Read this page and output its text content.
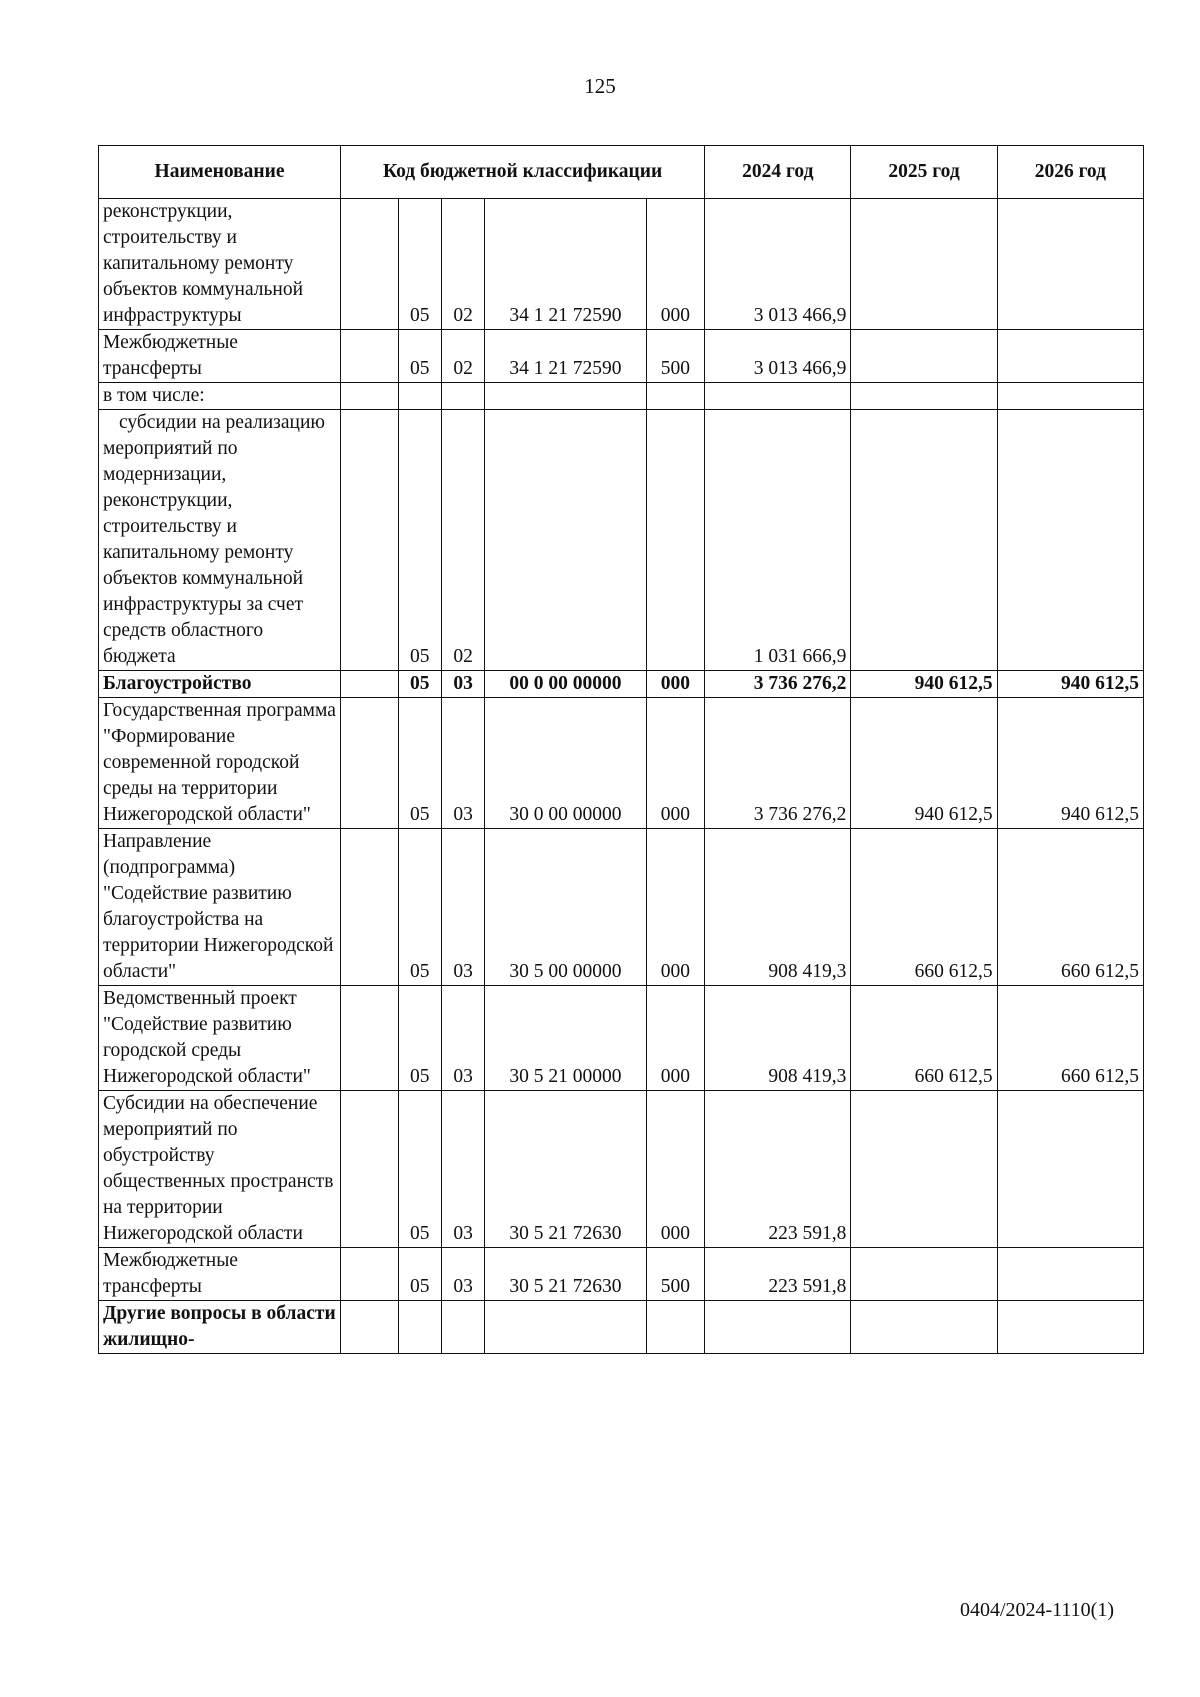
125
Наименование	Код бюджетной классификации					2024 год	2025 год	2026 год
реконструкции, строительству и капитальному ремонту объектов коммунальной инфраструктуры		05	02	34 1 21 72590	000	3 013 466,9		
Межбюджетные трансферты		05	02	34 1 21 72590	500	3 013 466,9		
в том числе:								
субсидии на реализацию мероприятий по модернизации, реконструкции, строительству и капитальному ремонту объектов коммунальной инфраструктуры за счет средств областного бюджета		05	02			1 031 666,9		
Благоустройство		05	03	00 0 00 00000	000	3 736 276,2	940 612,5	940 612,5
Государственная программа "Формирование современной городской среды на территории Нижегородской области"		05	03	30 0 00 00000	000	3 736 276,2	940 612,5	940 612,5
Направление (подпрограмма) "Содействие развитию благоустройства на территории Нижегородской области"		05	03	30 5 00 00000	000	908 419,3	660 612,5	660 612,5
Ведомственный проект "Содействие развитию городской среды Нижегородской области"		05	03	30 5 21 00000	000	908 419,3	660 612,5	660 612,5
Субсидии на обеспечение мероприятий по обустройству общественных пространств на территории Нижегородской области		05	03	30 5 21 72630	000	223 591,8		
Межбюджетные трансферты		05	03	30 5 21 72630	500	223 591,8		
Другие вопросы в области жилищно-								
0404/2024-1110(1)
